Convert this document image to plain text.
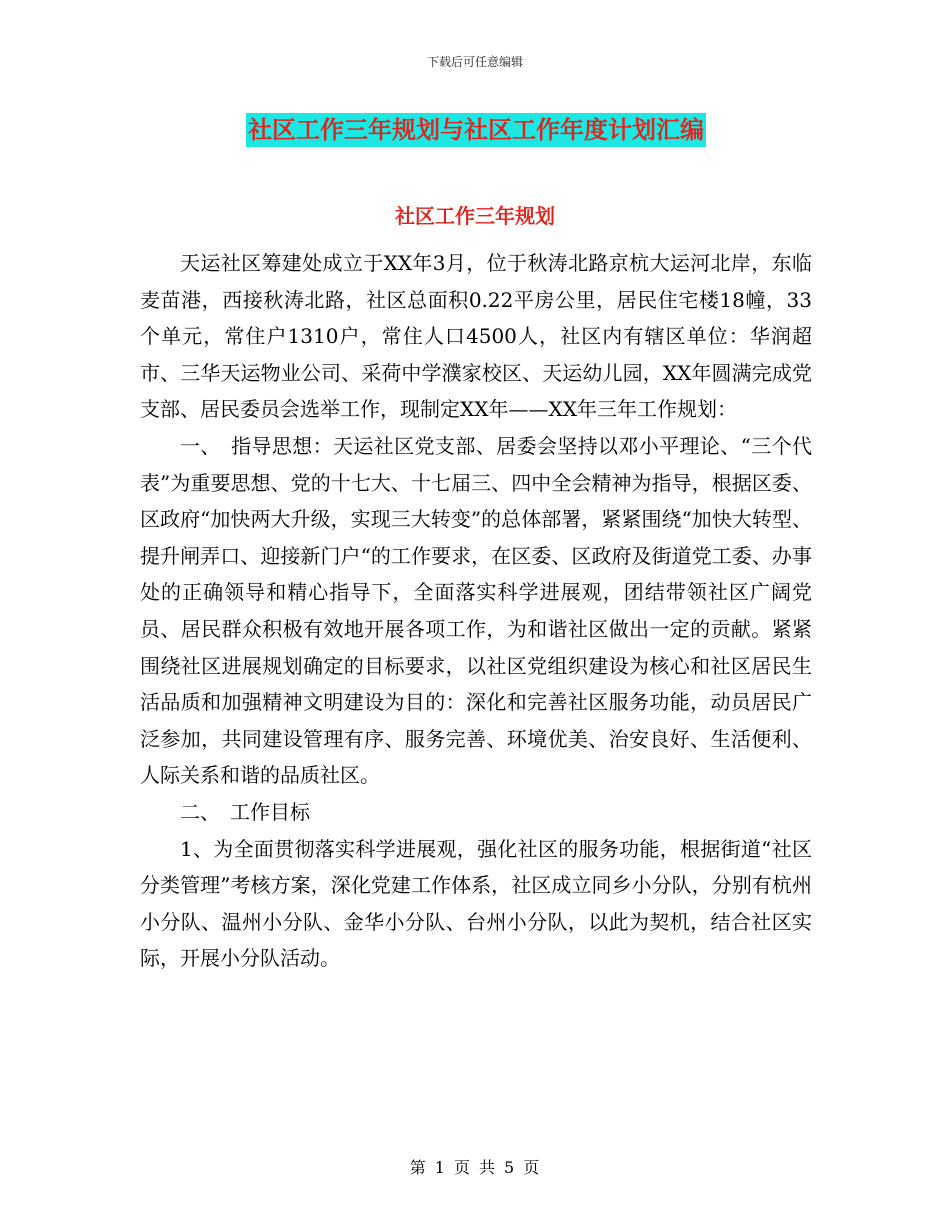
下载后可任意编辑
社区工作三年规划与社区工作年度计划汇编
社区工作三年规划

天运社区筹建处成立于XX年3月，位于秋涛北路京杭大运河北岸，东临麦苗港，西接秋涛北路，社区总面积0.22平房公里，居民住宅楼18幢，33个单元，常住户1310户，常住人口4500人，社区内有辖区单位：华润超市、三华天运物业公司、采荷中学濮家校区、天运幼儿园，XX年圆满完成党支部、居民委员会选举工作，现制定XX年——XX年三年工作规划：

一、　指导思想：天运社区党支部、居委会坚持以邓小平理论、“三个代表”为重要思想、党的十七大、十七届三、四中全会精神为指导，根据区委、区政府“加快两大升级，实现三大转变”的总体部署，紧紧围绕“加快大转型、提升闸弄口、迎接新门户“的工作要求，在区委、区政府及街道党工委、办事处的正确领导和精心指导下，全面落实科学进展观，团结带领社区广阔党员、居民群众积极有效地开展各项工作，为和谐社区做出一定的贡献。紧紧围绕社区进展规划确定的目标要求，以社区党组织建设为核心和社区居民生活品质和加强精神文明建设为目的：深化和完善社区服务功能，动员居民广泛参加，共同建设管理有序、服务完善、环境优美、治安良好、生活便利、人际关系和谐的品质社区。

二、　工作目标

1、为全面贯彻落实科学进展观，强化社区的服务功能，根据街道“社区分类管理”考核方案，深化党建工作体系，社区成立同乡小分队，分别有杭州小分队、温州小分队、金华小分队、台州小分队，以此为契机，结合社区实际，开展小分队活动。

第 1 页 共 5 页
